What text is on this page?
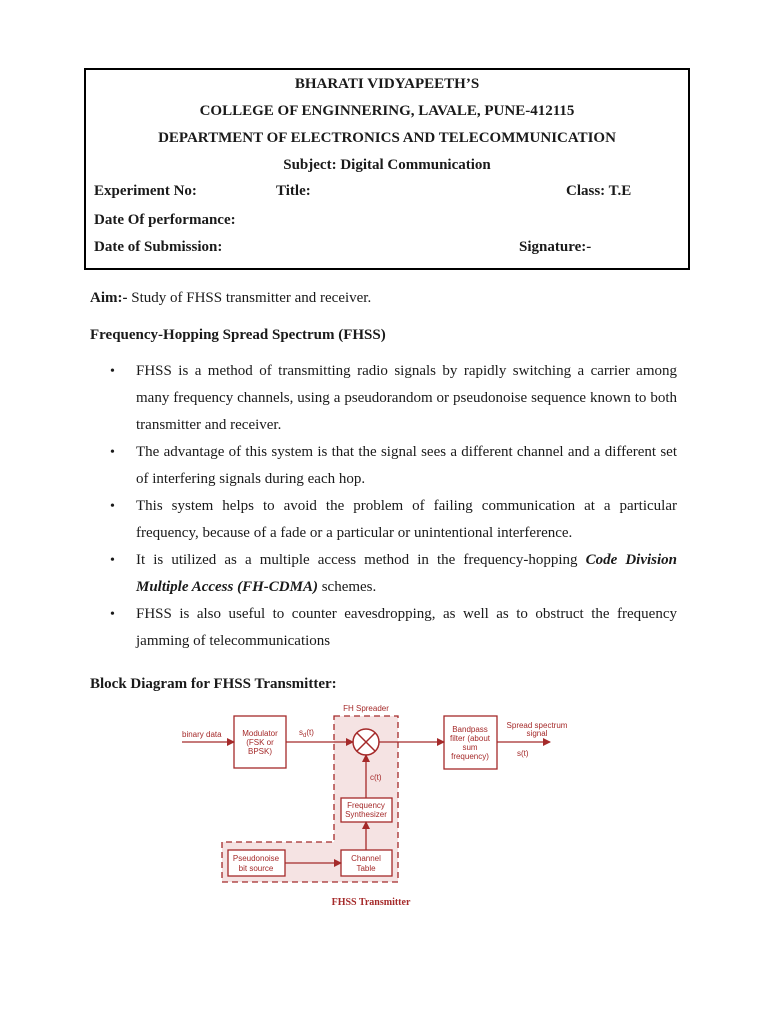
BHARATI VIDYAPEETH’S
COLLEGE OF ENGINNERING, LAVALE, PUNE-412115
DEPARTMENT OF ELECTRONICS AND TELECOMMUNICATION
Subject: Digital Communication
Experiment No:	Title:	Class: T.E
Date Of performance:
Date of Submission:	Signature:-
Aim:- Study of FHSS transmitter and receiver.
Frequency-Hopping Spread Spectrum (FHSS)
• FHSS is a method of transmitting radio signals by rapidly switching a carrier among many frequency channels, using a pseudorandom or pseudonoise sequence known to both transmitter and receiver.
• The advantage of this system is that the signal sees a different channel and a different set of interfering signals during each hop.
• This system helps to avoid the problem of failing communication at a particular frequency, because of a fade or a particular or unintentional interference.
• It is utilized as a multiple access method in the frequency-hopping Code Division Multiple Access (FH-CDMA) schemes.
• FHSS is also useful to counter eavesdropping, as well as to obstruct the frequency jamming of telecommunications
Block Diagram for FHSS Transmitter:
binary data	Modulator
(FSK or
BPSK)
$s_d(t)$
FH Spreader
c(t)
Bandpass
filter (about
sum
frequency)
Spread spectrum
signal
s(t)
Frequency
Synthesizer
Pseudonoise
bit source
Channel
Table
FHSS Transmitter
